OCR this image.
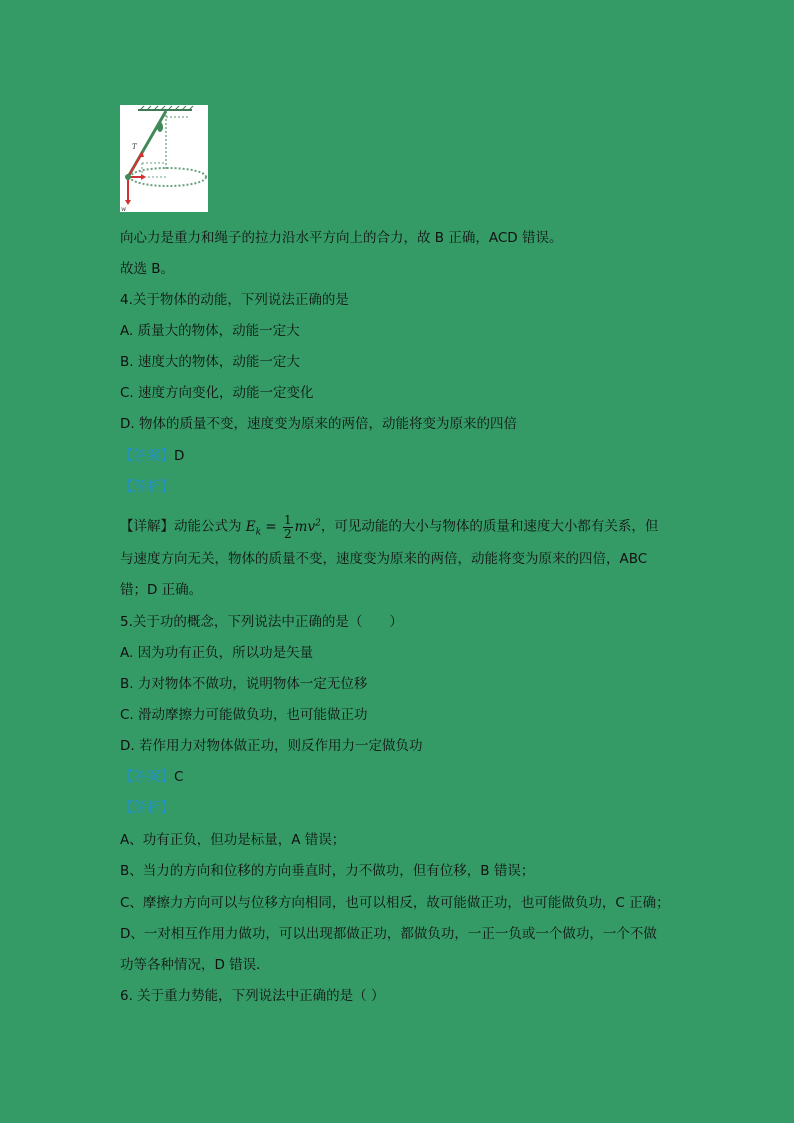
T
w
向心力是重力和绳子的拉力沿水平方向上的合力，故 B 正确，ACD 错误。
故选 B。
4.关于物体的动能，下列说法正确的是
A. 质量大的物体，动能一定大
B. 速度大的物体，动能一定大
C. 速度方向变化，动能一定变化
D. 物体的质量不变，速度变为原来的两倍，动能将变为原来的四倍
【答案】D
【解析】
【详解】动能公式为 $E_k = \frac{1}{2} mv^2$，可见动能的大小与物体的质量和速度大小都有关系，但
与速度方向无关，物体的质量不变，速度变为原来的两倍，动能将变为原来的四倍，ABC
错；D 正确。
5.关于功的概念，下列说法中正确的是（　　）
A. 因为功有正负，所以功是矢量
B. 力对物体不做功，说明物体一定无位移
C. 滑动摩擦力可能做负功，也可能做正功
D. 若作用力对物体做正功，则反作用力一定做负功
【答案】C
【解析】
A、功有正负，但功是标量，A 错误；
B、当力的方向和位移的方向垂直时，力不做功，但有位移，B 错误；
C、摩擦力方向可以与位移方向相同，也可以相反，故可能做正功，也可能做负功，C 正确；
D、一对相互作用力做功，可以出现都做正功，都做负功，一正一负或一个做功，一个不做
功等各种情况，D 错误．
6. 关于重力势能，下列说法中正确的是（ ）
